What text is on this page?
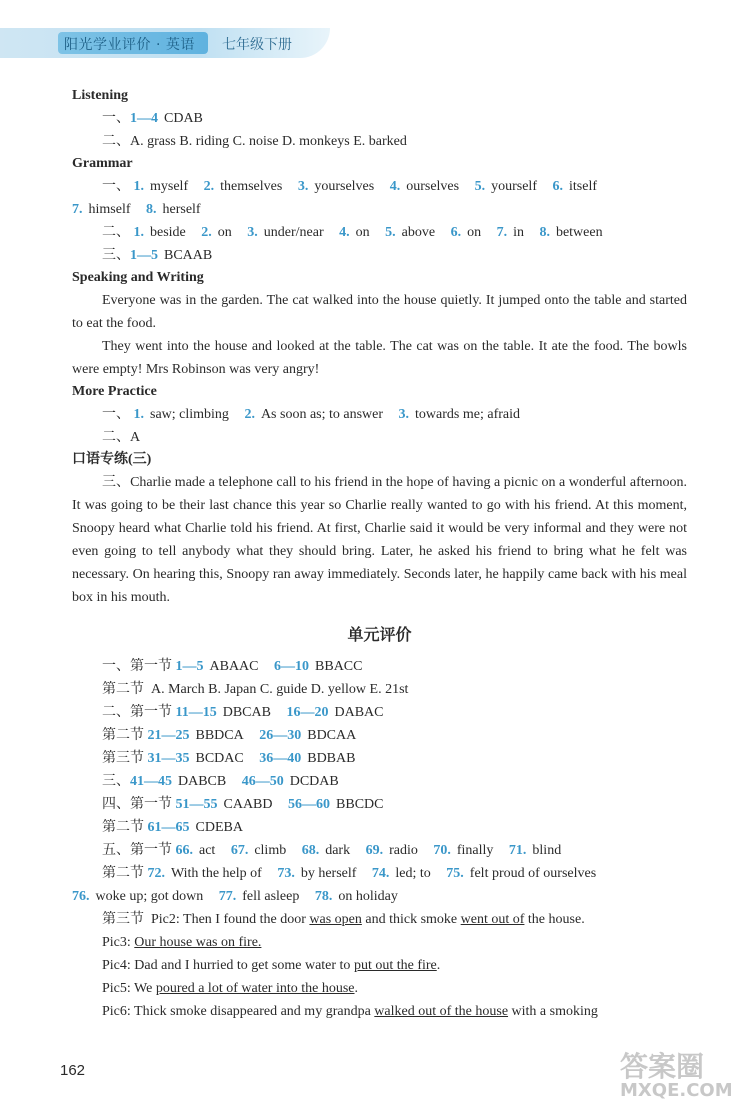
阳光学业评价 · 英语 七年级下册
Listening
一、1—4 CDAB
二、A. grass B. riding C. noise D. monkeys E. barked
Grammar
一、 1. myself 2. themselves 3. yourselves 4. ourselves 5. yourself 6. itself
7. himself 8. herself
二、 1. beside 2. on 3. under/near 4. on 5. above 6. on 7. in 8. between
三、1—5 BCAAB
Speaking and Writing

Everyone was in the garden. The cat walked into the house quietly. It jumped onto the table and started to eat the food.

They went into the house and looked at the table. The cat was on the table. It ate the food. The bowls were empty! Mrs Robinson was very angry!

More Practice
一、 1. saw; climbing 2. As soon as; to answer 3. towards me; afraid
二、A
口语专练(三)

三、Charlie made a telephone call to his friend in the hope of having a picnic on a wonderful afternoon. It was going to be their last chance this year so Charlie really wanted to go with his friend. At this moment, Snoopy heard what Charlie told his friend. At first, Charlie said it would be very informal and they were not even going to tell anybody what they should bring. Later, he asked his friend to bring what he felt was necessary. On hearing this, Snoopy ran away immediately. Seconds later, he happily came back with his meal box in his mouth.

单元评价
一、第一节 1—5 ABAAC 6—10 BBACC
第二节 A. March B. Japan C. guide D. yellow E. 21st
二、第一节 11—15 DBCAB 16—20 DABAC
第二节 21—25 BBDCA 26—30 BDCAA
第三节 31—35 BCDAC 36—40 BDBAB
三、41—45 DABCB 46—50 DCDAB
四、第一节 51—55 CAABD 56—60 BBCDC
第二节 61—65 CDEBA
五、第一节 66. act 67. climb 68. dark 69. radio 70. finally 71. blind
第二节 72. With the help of 73. by herself 74. led; to 75. felt proud of ourselves
76. woke up; got down 77. fell asleep 78. on holiday
第三节 Pic2: Then I found the door was open and thick smoke went out of the house.
Pic3: Our house was on fire.
Pic4: Dad and I hurried to get some water to put out the fire.
Pic5: We poured a lot of water into the house.
Pic6: Thick smoke disappeared and my grandpa walked out of the house with a smoking
162	答案圈
MXQE.COM
